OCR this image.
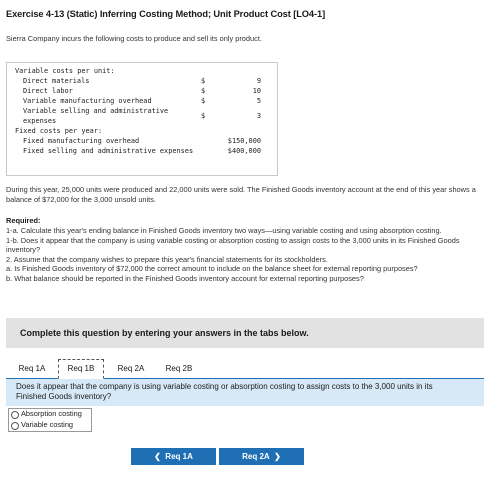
Exercise 4-13 (Static) Inferring Costing Method; Unit Product Cost [LO4-1]
Sierra Company incurs the following costs to produce and sell its only product.
Variable costs per unit:		
Direct materials	$	9
Direct labor	$	10
Variable manufacturing overhead	$	5
Variable selling and administrative expenses	$	3
Fixed costs per year:		
Fixed manufacturing overhead	$150,000	
Fixed selling and administrative expenses	$400,000	
During this year, 25,000 units were produced and 22,000 units were sold. The Finished Goods inventory account at the end of this year shows a balance of $72,000 for the 3,000 unsold units.
Required:
1-a. Calculate this year's ending balance in Finished Goods inventory two ways—using variable costing and using absorption costing.
1-b. Does it appear that the company is using variable costing or absorption costing to assign costs to the 3,000 units in its Finished Goods inventory?
2. Assume that the company wishes to prepare this year's financial statements for its stockholders.
a. Is Finished Goods inventory of $72,000 the correct amount to include on the balance sheet for external reporting purposes?
b. What balance should be reported in the Finished Goods inventory account for external reporting purposes?
Complete this question by entering your answers in the tabs below.
Req 1A	Req 1B	Req 2A	Req 2B
Does it appear that the company is using variable costing or absorption costing to assign costs to the 3,000 units in its Finished Goods inventory?
Absorption costing
Variable costing
❮ Req 1A	Req 2A ❯
